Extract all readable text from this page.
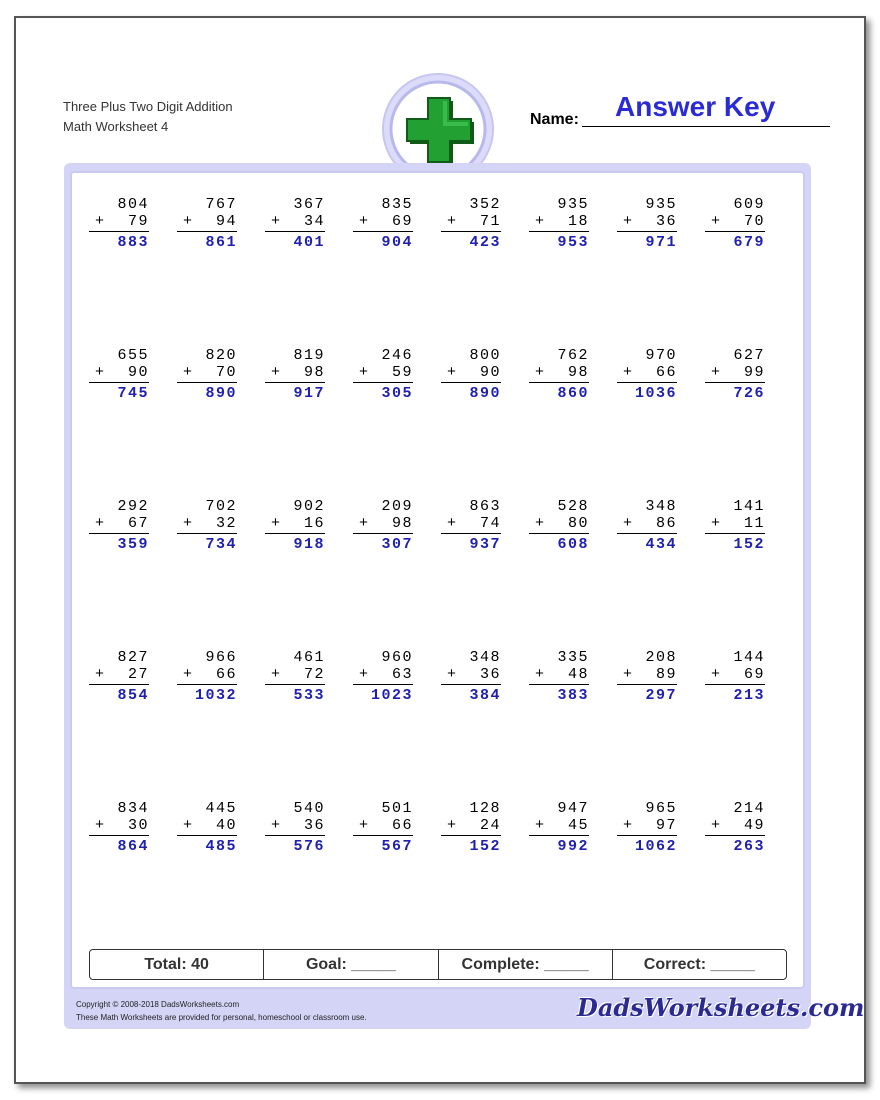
Three Plus Two Digit Addition
Math Worksheet 4	Name: Answer Key
804
+ 79
883
767
+ 94
861
367
+ 34
401
835
+ 69
904
352
+ 71
423
935
+ 18
953
935
+ 36
971
609
+ 70
679
655
+ 90
745
820
+ 70
890
819
+ 98
917
246
+ 59
305
800
+ 90
890
762
+ 98
860
970
+ 66
1036
627
+ 99
726
292
+ 67
359
702
+ 32
734
902
+ 16
918
209
+ 98
307
863
+ 74
937
528
+ 80
608
348
+ 86
434
141
+ 11
152
827
+ 27
854
966
+ 66
1032
461
+ 72
533
960
+ 63
1023
348
+ 36
384
335
+ 48
383
208
+ 89
297
144
+ 69
213
834
+ 30
864
445
+ 40
485
540
+ 36
576
501
+ 66
567
128
+ 24
152
947
+ 45
992
965
+ 97
1062
214
+ 49
263
Total: 40	Goal: _____	Complete: _____	Correct: _____
Copyright © 2008-2018 DadsWorksheets.com
These Math Worksheets are provided for personal, homeschool or classroom use.	DadsWorksheets.com
